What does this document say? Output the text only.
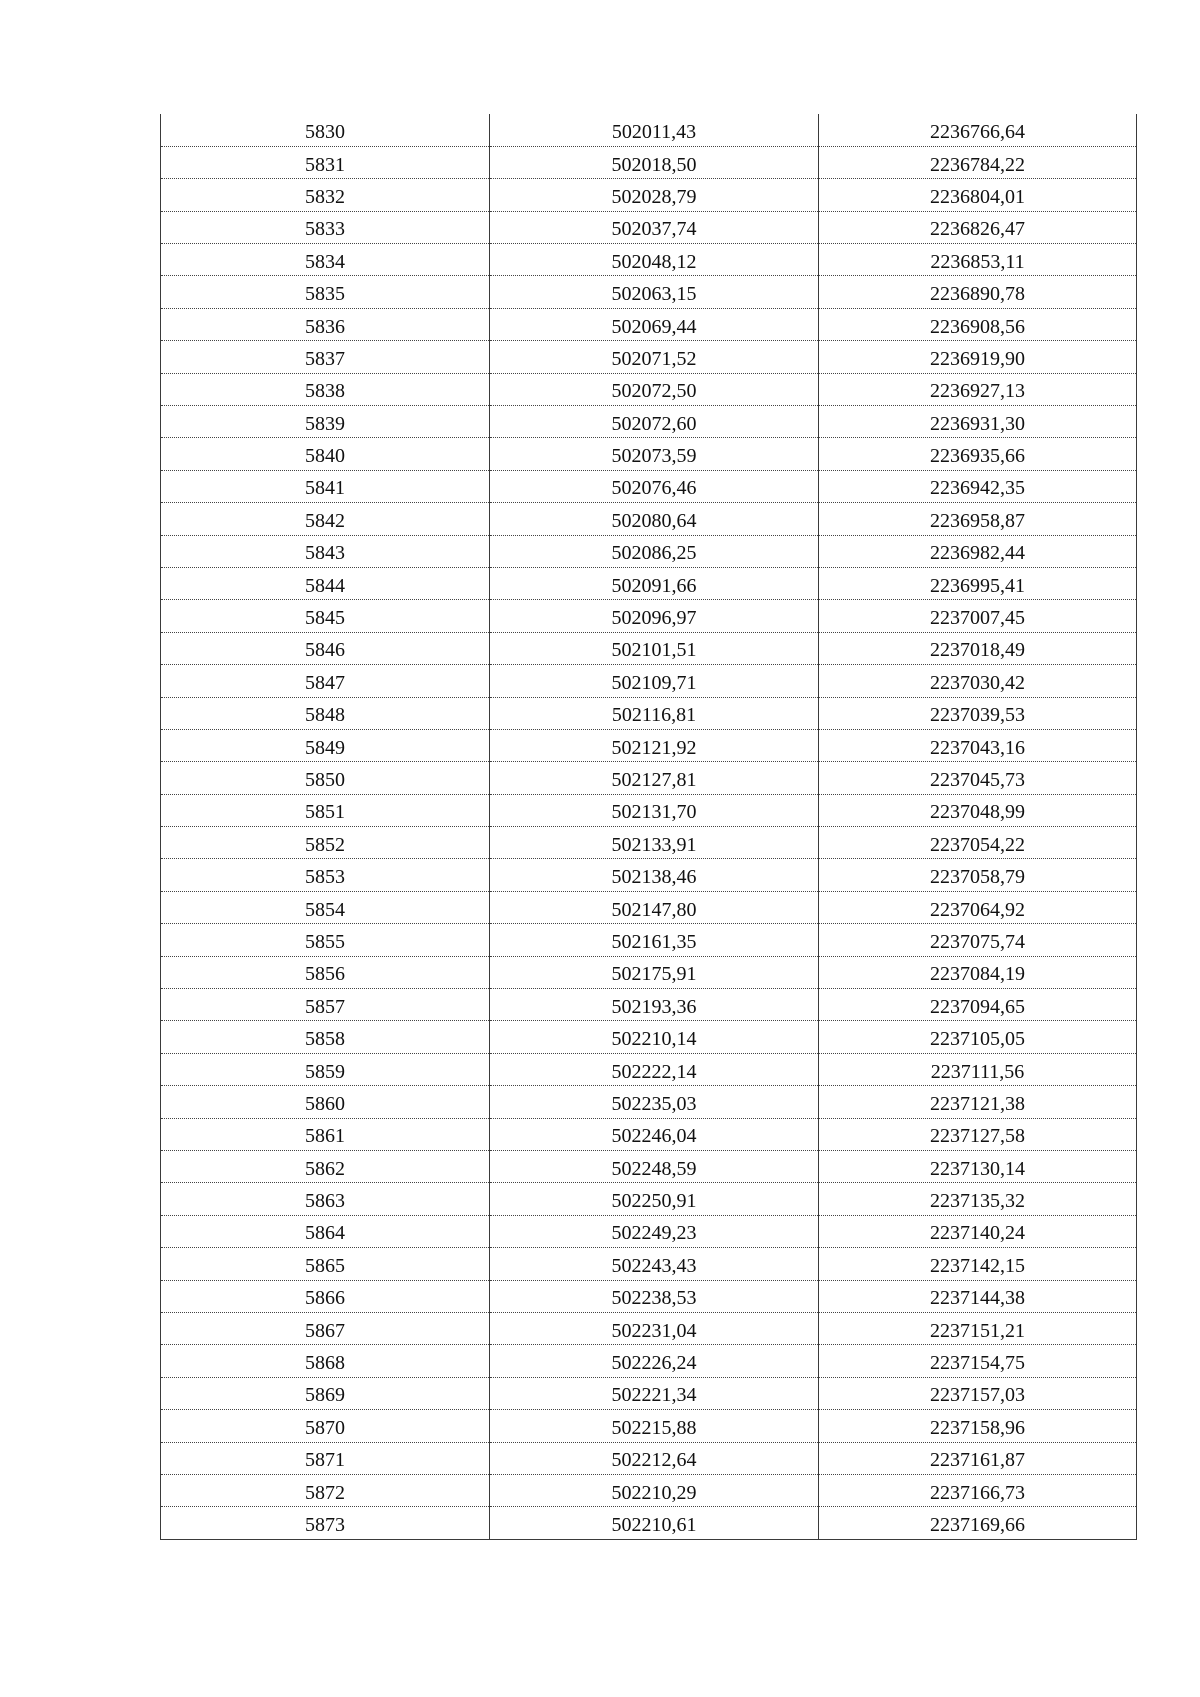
5830	502011,43	2236766,64
5831	502018,50	2236784,22
5832	502028,79	2236804,01
5833	502037,74	2236826,47
5834	502048,12	2236853,11
5835	502063,15	2236890,78
5836	502069,44	2236908,56
5837	502071,52	2236919,90
5838	502072,50	2236927,13
5839	502072,60	2236931,30
5840	502073,59	2236935,66
5841	502076,46	2236942,35
5842	502080,64	2236958,87
5843	502086,25	2236982,44
5844	502091,66	2236995,41
5845	502096,97	2237007,45
5846	502101,51	2237018,49
5847	502109,71	2237030,42
5848	502116,81	2237039,53
5849	502121,92	2237043,16
5850	502127,81	2237045,73
5851	502131,70	2237048,99
5852	502133,91	2237054,22
5853	502138,46	2237058,79
5854	502147,80	2237064,92
5855	502161,35	2237075,74
5856	502175,91	2237084,19
5857	502193,36	2237094,65
5858	502210,14	2237105,05
5859	502222,14	2237111,56
5860	502235,03	2237121,38
5861	502246,04	2237127,58
5862	502248,59	2237130,14
5863	502250,91	2237135,32
5864	502249,23	2237140,24
5865	502243,43	2237142,15
5866	502238,53	2237144,38
5867	502231,04	2237151,21
5868	502226,24	2237154,75
5869	502221,34	2237157,03
5870	502215,88	2237158,96
5871	502212,64	2237161,87
5872	502210,29	2237166,73
5873	502210,61	2237169,66
